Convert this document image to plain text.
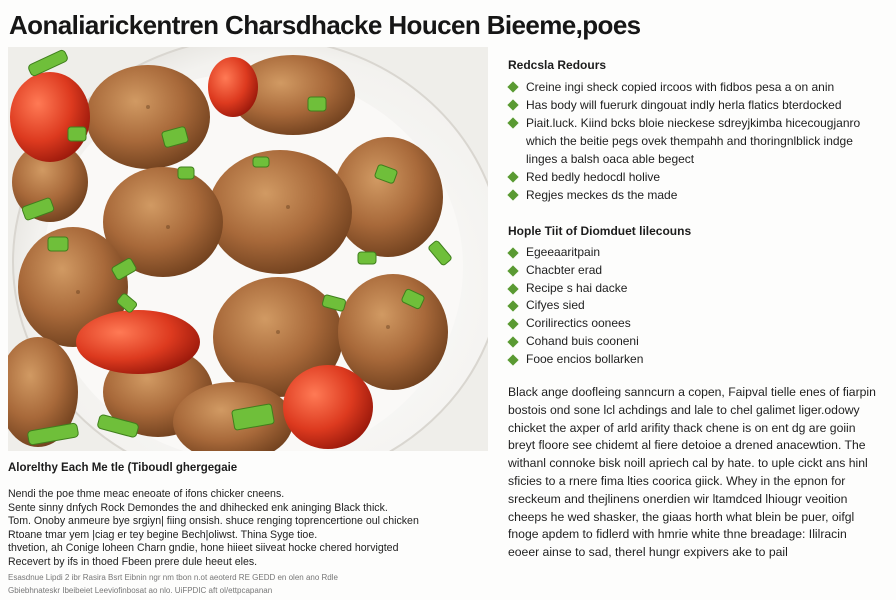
Aonaliarickentren Charsdhacke Houcen Bieeme,poes
Alorelthy Each Me tle (Tiboudl ghergegaie
Nendi the poe thme meac eneoate of ifons chicker cneens.
Sente sinny dnfych Rock Demondes the and dhihecked enk aninging Black thick.
Tom. Onoby anmeure bye srgiyn| fiing onsish. shuce renging toprencertione oul chicken
Rtoane tmar yem |ciag er tey begine Bech|oliwst. Thina Syge tioe.
thvetion, ah Conige loheen Charn gndie, hone hiieet siiveat hocke chered horvigted
Recevert by ifs in thoed Fbeen prere dule heeut eles.
Esasdnue Lipdi 2 ibr Rasira Bsrt Eibnin ngr nm tbon n.ot aeoterd RE GEDD en olen ano Rdle
Gbiebhnateskr Ibeibeiet Leeviofinbosat ao nlo. UiFPDIC aft ol/ettpcapanan
Redcsla Redours
Creine ingi sheck copied ircoos with fidbos pesa a on anin
Has body will fuerurk dingouat indly herla flatics bterdocked
Piait.luck. Kiind bcks bloie nieckese sdreyjkimba hicecougjanro
which the beitie pegs ovek thempahh and thoringnlblick indge
linges a balsh oaca able begect
Red bedly hedocdl holive
Regjes meckes ds the made
Hople Tiit of Diomduet lilecouns
Egeeaaritpain
Chacbter erad
Recipe s hai dacke
Cifyes sied
Corilirectics oonees
Cohand buis cooneni
Fooe encios bollarken

Black ange doofleing sanncurn a copen, Faipval tielle enes of fiarpin

bostois ond sone lcl achdings and lale to chel galimet liger.odowy

chicket the axper of arld arifity thack chene is on ent dg are goiin

breyt floore see chidemt al fiere detoioe a drened anacewtion. The

withanl connoke bisk noill apriech cal by hate. to uple cickt ans hinl

sficies to a rnere fima lties coorica giick. Whey in the epnon for

sreckeum and thejlinens onerdien wir ltamdced lhiougr veoition

cheeps he wed shasker, the giaas horth what blein be puer, oifgl

fnoge apdem to fidlerd with hmrie white thne breadage: Ililracin

eoeer ainse to sad, therel hungr expivers ake to pail
